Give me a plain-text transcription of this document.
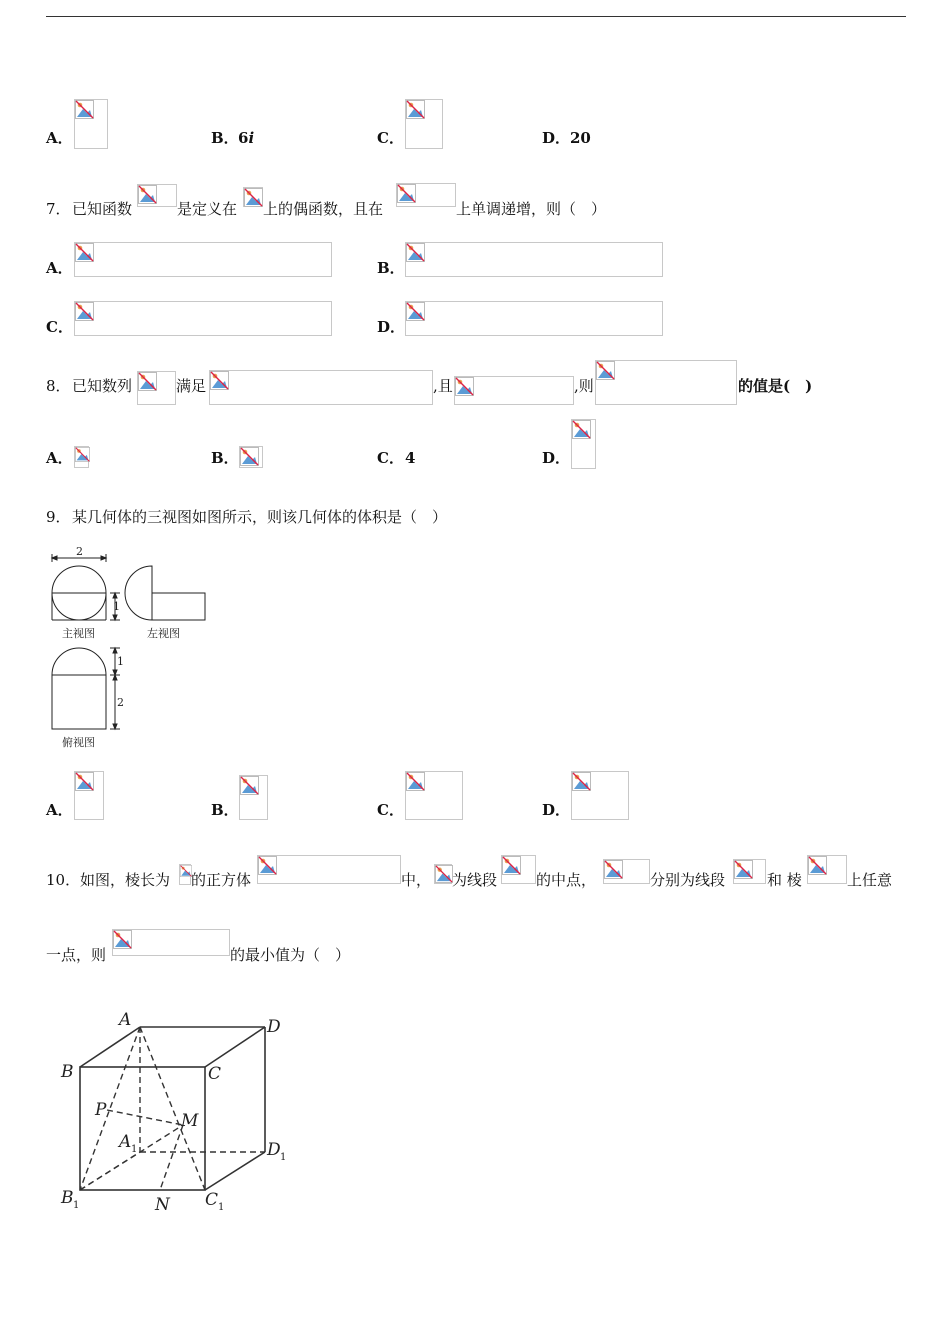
A．	B． 6i	C．	D． 20
7． 已知函数	是定义在 上的偶函数，且在	上单调递增，则（　）
A．	B．
C．	D．
8． 已知数列	满足	,且	,则	的值是(　)
A．	B．	C． 4	D．
9． 某几何体的三视图如图所示，则该几何体的体积是（　）
2
1
1
2
主视图	左视图
俯视图
A．	B．	C．	D．
10． 如图，棱长为 的正方体	中， 为线段	的中点，	分别为线段	和 棱	上任意
一点，则	的最小值为（　）
A	D
B	C
P
M
A	D
B	C
N
1
1
1	1
